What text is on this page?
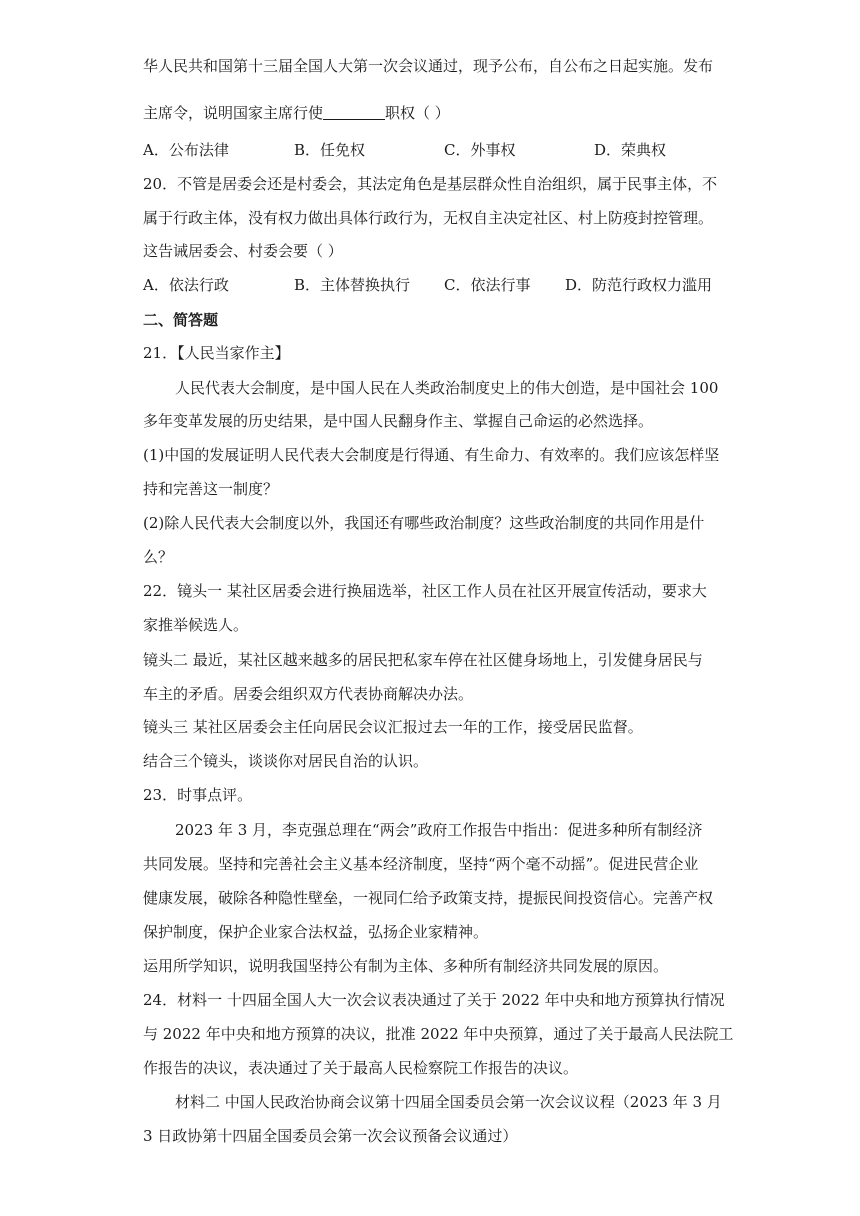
华人民共和国第十三届全国人大第一次会议通过，现予公布，自公布之日起实施。发布
主席令，说明国家主席行使	职权（ ）
A．公布法律	B．任免权	C．外事权	D．荣典权
20．不管是居委会还是村委会，其法定角色是基层群众性自治组织，属于民事主体，不
属于行政主体，没有权力做出具体行政行为，无权自主决定社区、村上防疫封控管理。
这告诫居委会、村委会要（ ）
A．依法行政	B．主体替换执行 C．依法行事 D．防范行政权力滥用
二、简答题
21．【人民当家作主】
人民代表大会制度，是中国人民在人类政治制度史上的伟大创造，是中国社会 100
多年变革发展的历史结果，是中国人民翻身作主、掌握自己命运的必然选择。
(1)中国的发展证明人民代表大会制度是行得通、有生命力、有效率的。我们应该怎样坚
持和完善这一制度？
(2)除人民代表大会制度以外，我国还有哪些政治制度？这些政治制度的共同作用是什
么？
22．镜头一 某社区居委会进行换届选举，社区工作人员在社区开展宣传活动，要求大
家推举候选人。
镜头二 最近，某社区越来越多的居民把私家车停在社区健身场地上，引发健身居民与
车主的矛盾。居委会组织双方代表协商解决办法。
镜头三 某社区居委会主任向居民会议汇报过去一年的工作，接受居民监督。
结合三个镜头，谈谈你对居民自治的认识。
23．时事点评。
2023 年 3 月，李克强总理在“两会”政府工作报告中指出：促进多种所有制经济
共同发展。坚持和完善社会主义基本经济制度，坚持“两个毫不动摇”。促进民营企业
健康发展，破除各种隐性壁垒，一视同仁给予政策支持，提振民间投资信心。完善产权
保护制度，保护企业家合法权益，弘扬企业家精神。
运用所学知识，说明我国坚持公有制为主体、多种所有制经济共同发展的原因。
24．材料一 十四届全国人大一次会议表决通过了关于 2022 年中央和地方预算执行情况
与 2022 年中央和地方预算的决议，批准 2022 年中央预算，通过了关于最高人民法院工
作报告的决议，表决通过了关于最高人民检察院工作报告的决议。
材料二 中国人民政治协商会议第十四届全国委员会第一次会议议程（2023 年 3 月
3 日政协第十四届全国委员会第一次会议预备会议通过）
